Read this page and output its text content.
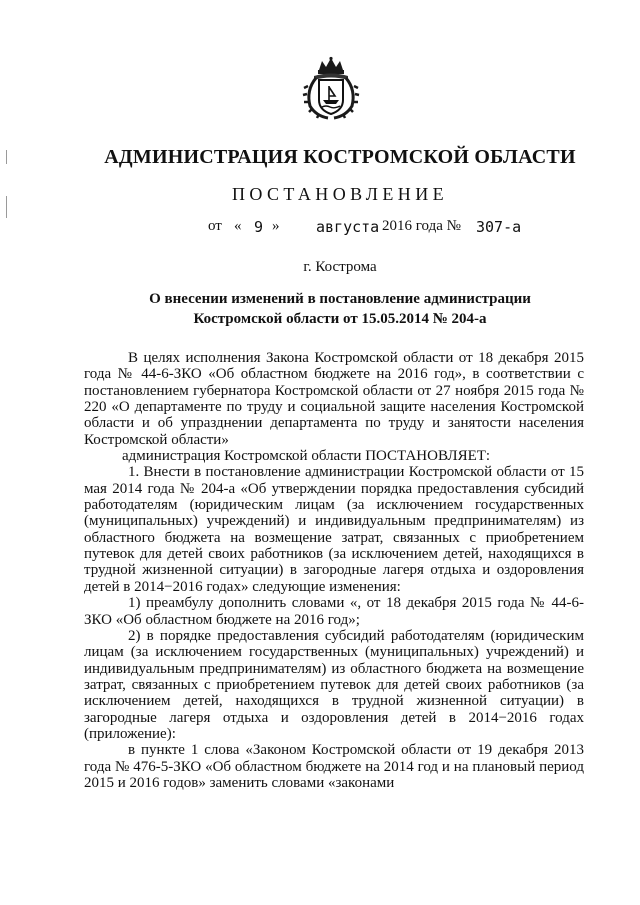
АДМИНИСТРАЦИЯ КОСТРОМСКОЙ ОБЛАСТИ
ПОСТАНОВЛЕНИЕ
от « 9 » августа 2016 года № 307-а
г. Кострома
О внесении изменений в постановление администрации
Костромской области от 15.05.2014 № 204-а

В целях исполнения Закона Костромской области от 18 декабря 2015 года № 44-6-ЗКО «Об областном бюджете на 2016 год», в соответствии с постановлением губернатора Костромской области от 27 ноября 2015 года № 220 «О департаменте по труду и социальной защите населения Костромской области и об упразднении департамента по труду и занятости населения Костромской области»

администрация Костромской области ПОСТАНОВЛЯЕТ:

1. Внести в постановление администрации Костромской области от 15 мая 2014 года № 204-а «Об утверждении порядка предоставления субсидий работодателям (юридическим лицам (за исключением государственных (муниципальных) учреждений) и индивидуальным предпринимателям) из областного бюджета на возмещение затрат, связанных с приобретением путевок для детей своих работников (за исключением детей, находящихся в трудной жизненной ситуации) в загородные лагеря отдыха и оздоровления детей в 2014−2016 годах» следующие изменения:

1) преамбулу дополнить словами «, от 18 декабря 2015 года № 44-6-ЗКО «Об областном бюджете на 2016 год»;

2) в порядке предоставления субсидий работодателям (юридическим лицам (за исключением государственных (муниципальных) учреждений) и индивидуальным предпринимателям) из областного бюджета на возмещение затрат, связанных с приобретением путевок для детей своих работников (за исключением детей, находящихся в трудной жизненной ситуации) в загородные лагеря отдыха и оздоровления детей в 2014−2016 годах (приложение):

в пункте 1 слова «Законом Костромской области от 19 декабря 2013 года № 476-5-ЗКО «Об областном бюджете на 2014 год и на плановый период 2015 и 2016 годов» заменить словами «законами
